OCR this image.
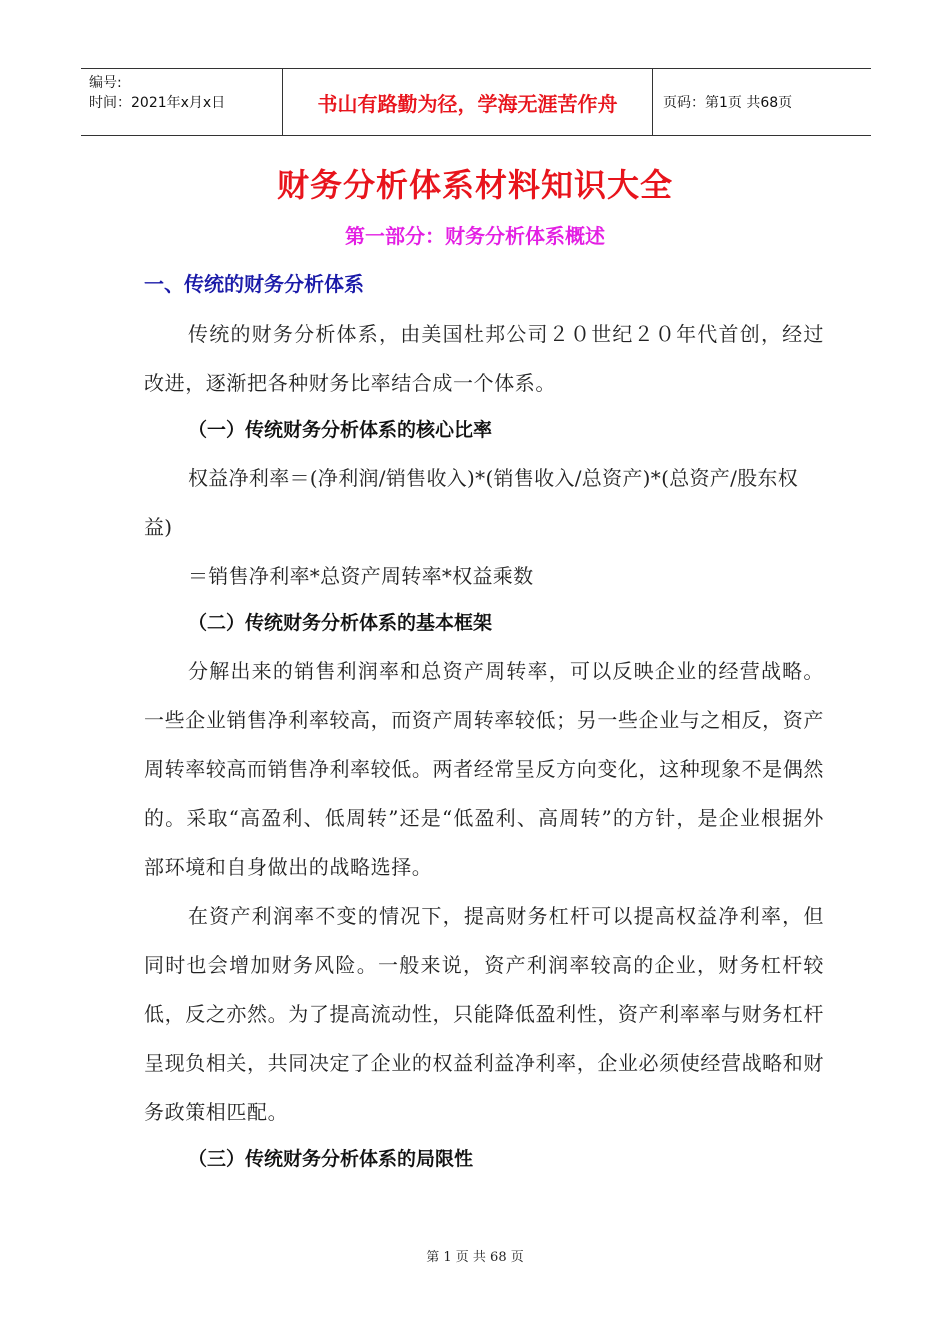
编号:
时间：2021年x月x日	书山有路勤为径，学海无涯苦作舟	页码：第1页 共68页
财务分析体系材料知识大全
第一部分：财务分析体系概述
一、传统的财务分析体系

传统的财务分析体系，由美国杜邦公司２０世纪２０年代首创，经过改进，逐渐把各种财务比率结合成一个体系。

（一）传统财务分析体系的核心比率

权益净利率＝(净利润/销售收入)*(销售收入/总资产)*(总资产/股东权益)

＝销售净利率*总资产周转率*权益乘数

（二）传统财务分析体系的基本框架

分解出来的销售利润率和总资产周转率，可以反映企业的经营战略。一些企业销售净利率较高，而资产周转率较低；另一些企业与之相反，资产周转率较高而销售净利率较低。两者经常呈反方向变化，这种现象不是偶然的。采取“高盈利、低周转”还是“低盈利、高周转”的方针，是企业根据外部环境和自身做出的战略选择。

在资产利润率不变的情况下，提高财务杠杆可以提高权益净利率，但同时也会增加财务风险。一般来说，资产利润率较高的企业，财务杠杆较低，反之亦然。为了提高流动性，只能降低盈利性，资产利率率与财务杠杆呈现负相关，共同决定了企业的权益利益净利率，企业必须使经营战略和财务政策相匹配。

（三）传统财务分析体系的局限性
第 1 页 共 68 页
